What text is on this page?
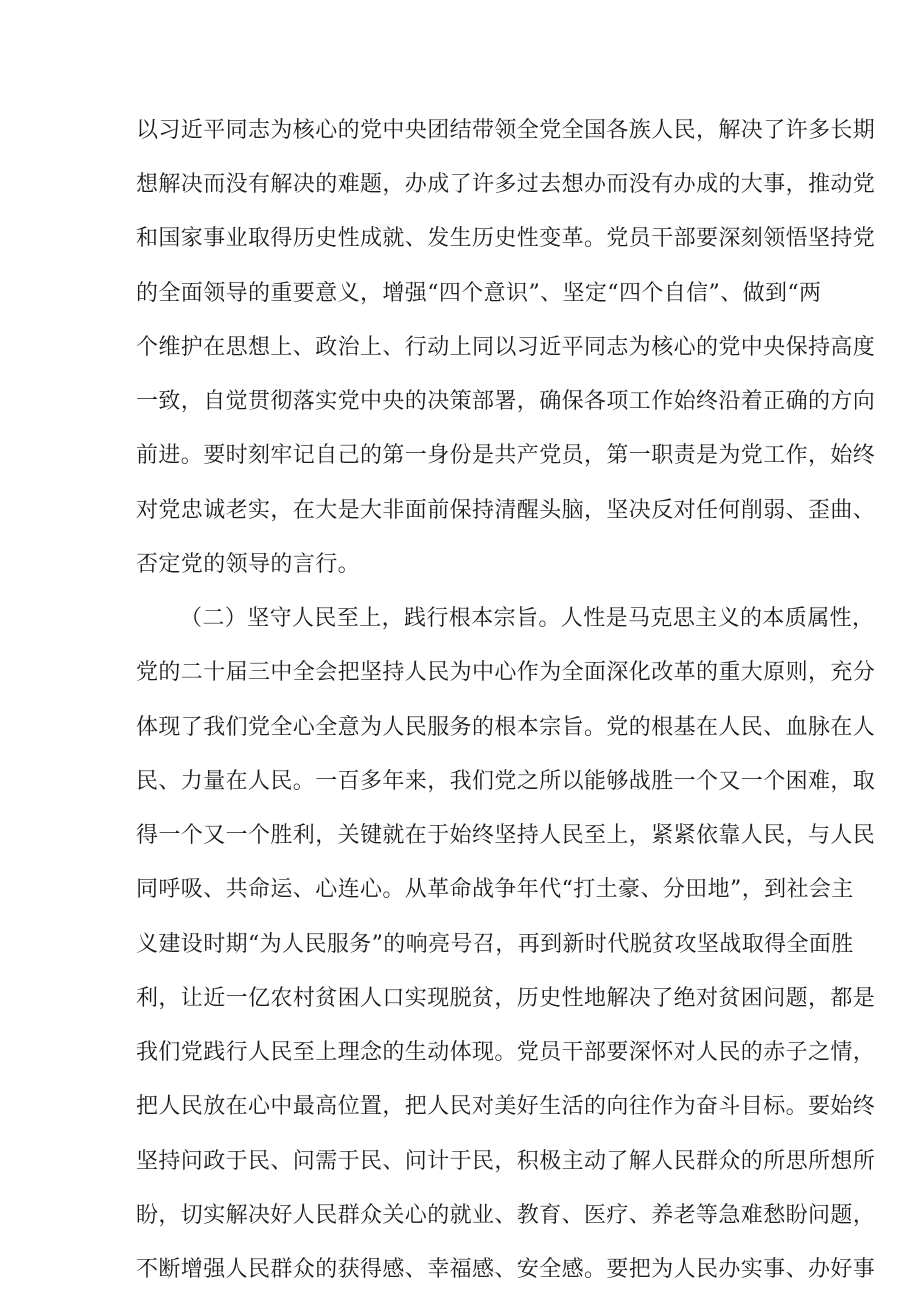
以习近平同志为核心的党中央团结带领全党全国各族人民，解决了许多长期
想解决而没有解决的难题，办成了许多过去想办而没有办成的大事，推动党
和国家事业取得历史性成就、发生历史性变革。党员干部要深刻领悟坚持党
的全面领导的重要意义，增强“四个意识”、坚定“四个自信”、做到“两
个维护在思想上、政治上、行动上同以习近平同志为核心的党中央保持高度
一致，自觉贯彻落实党中央的决策部署，确保各项工作始终沿着正确的方向
前进。要时刻牢记自己的第一身份是共产党员，第一职责是为党工作，始终
对党忠诚老实，在大是大非面前保持清醒头脑，坚决反对任何削弱、歪曲、
否定党的领导的言行。
（二）坚守人民至上，践行根本宗旨。人性是马克思主义的本质属性，
党的二十届三中全会把坚持人民为中心作为全面深化改革的重大原则，充分
体现了我们党全心全意为人民服务的根本宗旨。党的根基在人民、血脉在人
民、力量在人民。一百多年来，我们党之所以能够战胜一个又一个困难，取
得一个又一个胜利，关键就在于始终坚持人民至上，紧紧依靠人民，与人民
同呼吸、共命运、心连心。从革命战争年代“打土豪、分田地”，到社会主
义建设时期“为人民服务”的响亮号召，再到新时代脱贫攻坚战取得全面胜
利，让近一亿农村贫困人口实现脱贫，历史性地解决了绝对贫困问题，都是
我们党践行人民至上理念的生动体现。党员干部要深怀对人民的赤子之情，
把人民放在心中最高位置，把人民对美好生活的向往作为奋斗目标。要始终
坚持问政于民、问需于民、问计于民，积极主动了解人民群众的所思所想所
盼，切实解决好人民群众关心的就业、教育、医疗、养老等急难愁盼问题，
不断增强人民群众的获得感、幸福感、安全感。要把为人民办实事、办好事
